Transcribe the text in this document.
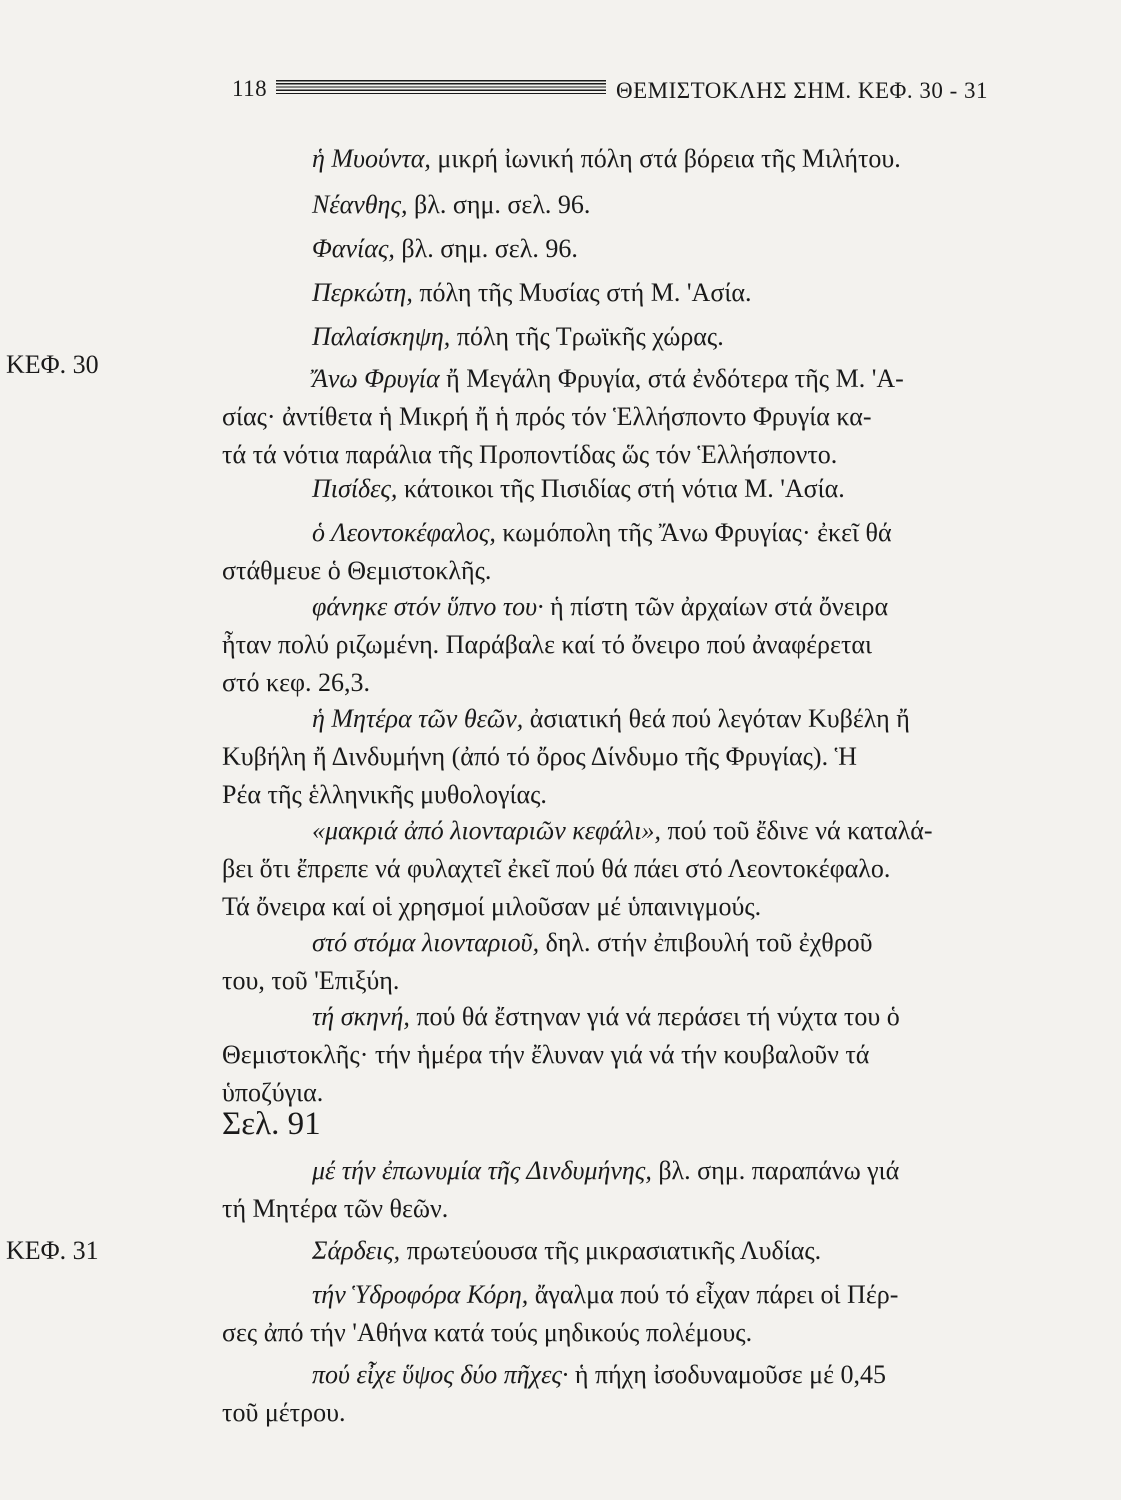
118	ΘΕΜΙΣΤΟΚΛΗΣ ΣΗΜ. ΚΕΦ. 30 - 31
ΚΕΦ. 30
ΚΕΦ. 31
ἡ Μυούντα, μικρή ἰωνική πόλη στά βόρεια τῆς Μιλήτου.
Νέανθης, βλ. σημ. σελ. 96.
Φανίας, βλ. σημ. σελ. 96.
Περκώτη, πόλη τῆς Μυσίας στή Μ. 'Ασία.
Παλαίσκηψη, πόλη τῆς Τρωϊκῆς χώρας.
Ἄνω Φρυγία ἤ Μεγάλη Φρυγία, στά ἐνδότερα τῆς Μ. 'Α-
σίας· ἀντίθετα ἡ Μικρή ἤ ἡ πρός τόν Ἑλλήσποντο Φρυγία κα-
τά τά νότια παράλια τῆς Προποντίδας ὥς τόν Ἑλλήσποντο.
Πισίδες, κάτοικοι τῆς Πισιδίας στή νότια Μ. 'Ασία.
ὁ Λεοντοκέφαλος, κωμόπολη τῆς Ἄνω Φρυγίας· ἐκεῖ θά
στάθμευε ὁ Θεμιστοκλῆς.
φάνηκε στόν ὕπνο του· ἡ πίστη τῶν ἀρχαίων στά ὄνειρα
ἦταν πολύ ριζωμένη. Παράβαλε καί τό ὄνειρο πού ἀναφέρεται
στό κεφ. 26,3.
ἡ Μητέρα τῶν θεῶν, ἀσιατική θεά πού λεγόταν Κυβέλη ἤ
Κυβήλη ἤ Δινδυμήνη (ἀπό τό ὄρος Δίνδυμο τῆς Φρυγίας). Ἡ
Ρέα τῆς ἑλληνικῆς μυθολογίας.
«μακριά ἀπό λιονταριῶν κεφάλι», πού τοῦ ἔδινε νά καταλά-
βει ὅτι ἔπρεπε νά φυλαχτεῖ ἐκεῖ πού θά πάει στό Λεοντοκέφαλο.
Τά ὄνειρα καί οἱ χρησμοί μιλοῦσαν μέ ὑπαινιγμούς.
στό στόμα λιονταριοῦ, δηλ. στήν ἐπιβουλή τοῦ ἐχθροῦ
του, τοῦ 'Επιξύη.
τή σκηνή, πού θά ἔστηναν γιά νά περάσει τή νύχτα του ὁ
Θεμιστοκλῆς· τήν ἡμέρα τήν ἔλυναν γιά νά τήν κουβαλοῦν τά
ὑποζύγια.
Σελ. 91
μέ τήν ἐπωνυμία τῆς Δινδυμήνης, βλ. σημ. παραπάνω γιά
τή Μητέρα τῶν θεῶν.
Σάρδεις, πρωτεύουσα τῆς μικρασιατικῆς Λυδίας.
τήν Ὑδροφόρα Κόρη, ἄγαλμα πού τό εἶχαν πάρει οἱ Πέρ-
σες ἀπό τήν 'Αθήνα κατά τούς μηδικούς πολέμους.
πού εἶχε ὕψος δύο πῆχες· ἡ πήχη ἰσοδυναμοῦσε μέ 0,45
τοῦ μέτρου.
